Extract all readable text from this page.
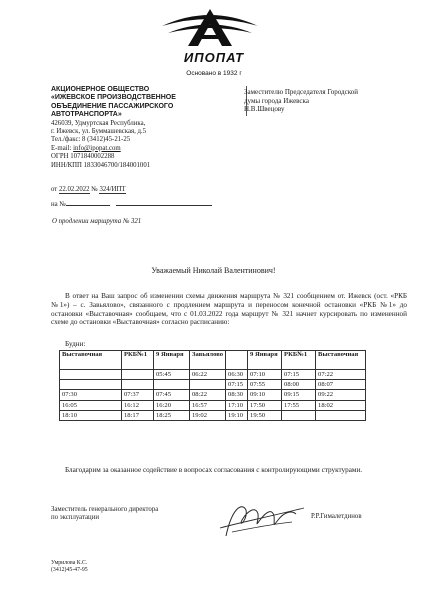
ИПОПАТ
Основано в 1932 г
АКЦИОНЕРНОЕ ОБЩЕСТВО
«ИЖЕВСКОЕ ПРОИЗВОДСТВЕННОЕ
ОБЪЕДИНЕНИЕ ПАССАЖИРСКОГО
АВТОТРАНСПОРТА»
426039, Удмуртская Республика,
г. Ижевск, ул. Буммашевская, д.5
Тел./факс: 8 (3412)45-21-25
E-mail: info@ipopat.com
ОГРН 1071840002288
ИНН/КПП 1833046700/184001001
Заместителю Председателя Городской
думы города Ижевска
Н.В.Швецову
от 22.02.2022 № 324/ИПТ
на №
О продлении маршрута № 321
Уважаемый Николай Валентинович!
В ответ на Ваш запрос об изменении схемы движения маршрута № 321 сообщением от. Ижевск (ост. «РКБ №1») – с. Завьялово», связанного с продлением маршрута и переносом конечной остановки «РКБ №1» до остановки «Выставочная» сообщаем, что с 01.03.2022 года маршрут № 321 начнет курсировать по измененной схеме до остановки «Выставочная» согласно расписанию:
Будни:
Выставочная	РКБ№1	9 Января	Завьялово		9 Января	РКБ№1	Выставочная
		05:45	06:22	06:30	07:10	07:15	07:22
				07:15	07:55	08:00	08:07
07:30	07:37	07:45	08:22	08:30	09:10	09:15	09:22
16:05	16:12	16:20	16:57	17:10	17:50	17:55	18:02
18:10	18:17	18:25	19:02	19:10	19:50		
Благодарим за оказанное содействие в вопросах согласования с контролирующими структурами.
Заместитель генерального директора
по эксплуатации	Р.Р.Гималетдинов
Умрилова К.С.
(3412)45-47-95
